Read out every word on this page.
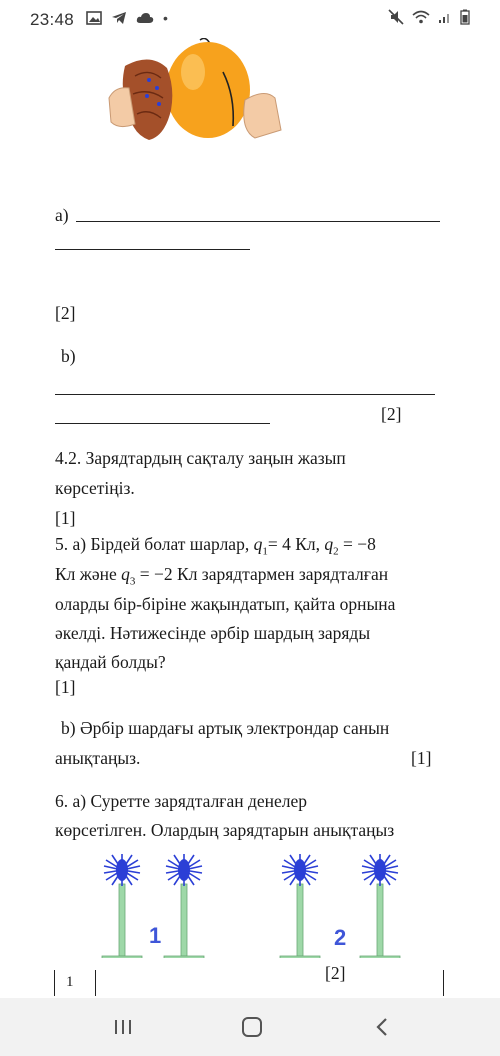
23:48	•
a)
[2]
b)
[2]
4.2. Зарядтардың сақталу заңын жазып
көрсетіңіз.
[1]
5. a) Бірдей болат шарлар, $q_1= 4$ Кл, $q_2 = -8$
Кл және $q_3 = -2$ Кл зарядтармен зарядталған
оларды бір-біріне жақындатып, қайта орнына
әкелді. Нәтижесінде әрбір шардың заряды
қандай болды?
[1]
b) Әрбір шардағы артық электрондар санын
анықтаңыз.	[1]
6. a) Суретте зарядталған денелер
көрсетілген. Олардың зарядтарын анықтаңыз
1	2
[2]
1
